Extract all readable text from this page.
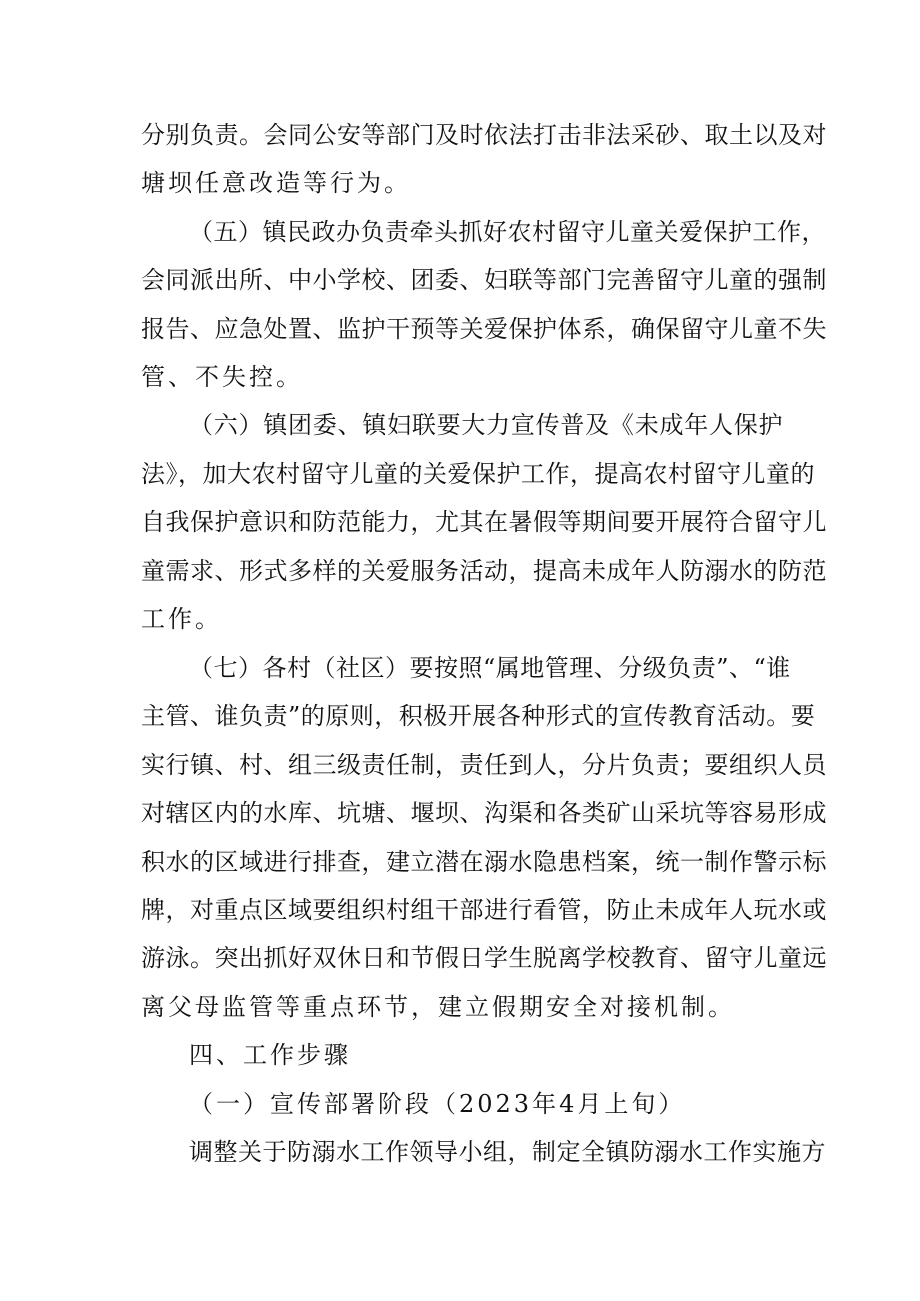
分别负责。会同公安等部门及时依法打击非法采砂、取土以及对
塘坝任意改造等行为。
（五）镇民政办负责牵头抓好农村留守儿童关爱保护工作，
会同派出所、中小学校、团委、妇联等部门完善留守儿童的强制
报告、应急处置、监护干预等关爱保护体系，确保留守儿童不失
管、不失控。
（六）镇团委、镇妇联要大力宣传普及《未成年人保护
法》，加大农村留守儿童的关爱保护工作，提高农村留守儿童的
自我保护意识和防范能力，尤其在暑假等期间要开展符合留守儿
童需求、形式多样的关爱服务活动，提高未成年人防溺水的防范
工作。
（七）各村（社区）要按照“属地管理、分级负责”、“谁
主管、谁负责”的原则，积极开展各种形式的宣传教育活动。要
实行镇、村、组三级责任制，责任到人，分片负责；要组织人员
对辖区内的水库、坑塘、堰坝、沟渠和各类矿山采坑等容易形成
积水的区域进行排查，建立潜在溺水隐患档案，统一制作警示标
牌，对重点区域要组织村组干部进行看管，防止未成年人玩水或
游泳。突出抓好双休日和节假日学生脱离学校教育、留守儿童远
离父母监管等重点环节，建立假期安全对接机制。
四、工作步骤
（一）宣传部署阶段（2023年4月上旬）
调整关于防溺水工作领导小组，制定全镇防溺水工作实施方
